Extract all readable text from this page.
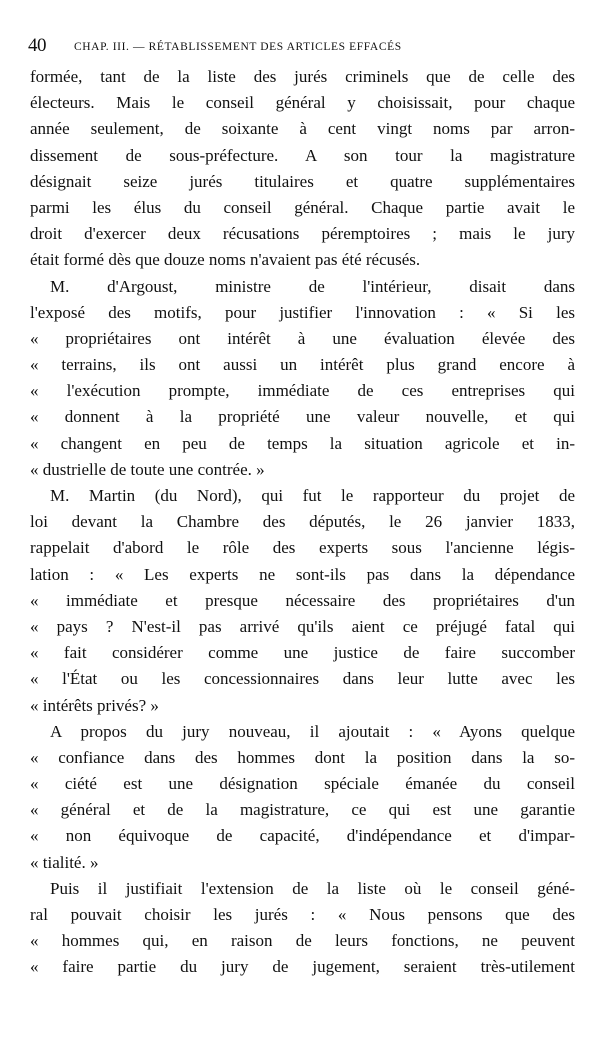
40 CHAP. III. — RÉTABLISSEMENT DES ARTICLES EFFACÉS
formée, tant de la liste des jurés criminels que de celle des
électeurs. Mais le conseil général y choisissait, pour chaque
année seulement, de soixante à cent vingt noms par arron-
dissement de sous-préfecture. A son tour la magistrature
désignait seize jurés titulaires et quatre supplémentaires
parmi les élus du conseil général. Chaque partie avait le
droit d'exercer deux récusations péremptoires ; mais le jury
était formé dès que douze noms n'avaient pas été récusés.
M. d'Argoust, ministre de l'intérieur, disait dans
l'exposé des motifs, pour justifier l'innovation : « Si les
« propriétaires ont intérêt à une évaluation élevée des
« terrains, ils ont aussi un intérêt plus grand encore à
« l'exécution prompte, immédiate de ces entreprises qui
« donnent à la propriété une valeur nouvelle, et qui
« changent en peu de temps la situation agricole et in-
« dustrielle de toute une contrée. »
M. Martin (du Nord), qui fut le rapporteur du projet de
loi devant la Chambre des députés, le 26 janvier 1833,
rappelait d'abord le rôle des experts sous l'ancienne légis-
lation : « Les experts ne sont-ils pas dans la dépendance
« immédiate et presque nécessaire des propriétaires d'un
« pays ? N'est-il pas arrivé qu'ils aient ce préjugé fatal qui
« fait considérer comme une justice de faire succomber
« l'État ou les concessionnaires dans leur lutte avec les
« intérêts privés? »
A propos du jury nouveau, il ajoutait : « Ayons quelque
« confiance dans des hommes dont la position dans la so-
« ciété est une désignation spéciale émanée du conseil
« général et de la magistrature, ce qui est une garantie
« non équivoque de capacité, d'indépendance et d'impar-
« tialité. »
Puis il justifiait l'extension de la liste où le conseil géné-
ral pouvait choisir les jurés : « Nous pensons que des
« hommes qui, en raison de leurs fonctions, ne peuvent
« faire partie du jury de jugement, seraient très-utilement
